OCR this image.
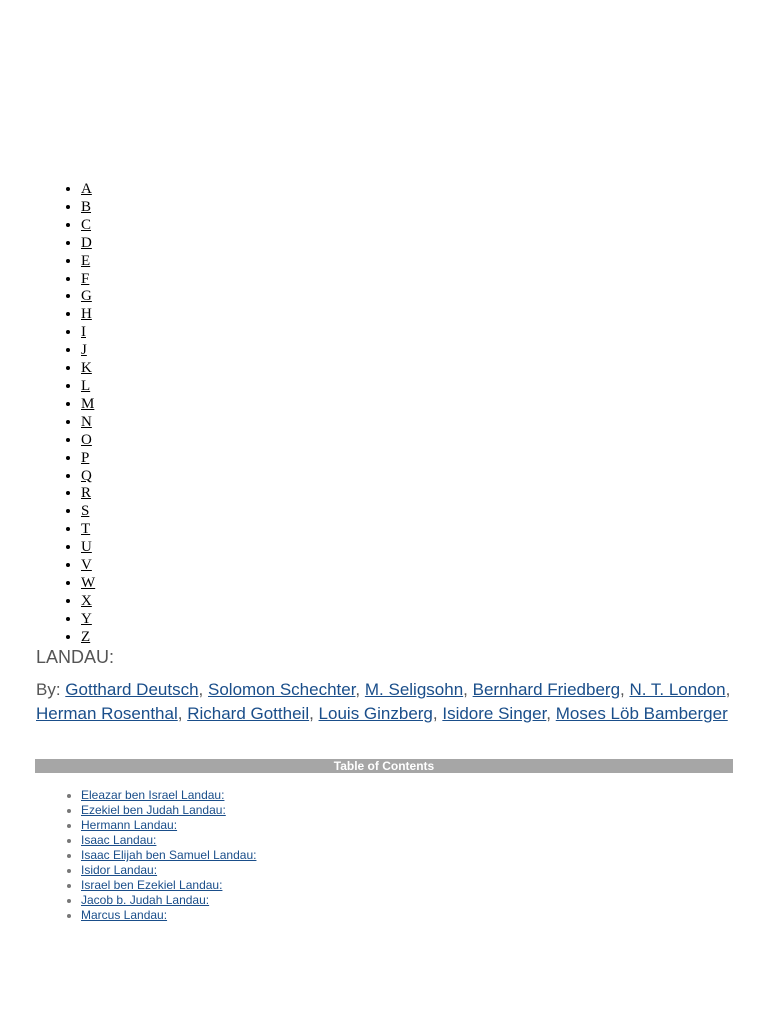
• A
• B
• C
• D
• E
• F
• G
• H
• I
• J
• K
• L
• M
• N
• O
• P
• Q
• R
• S
• T
• U
• V
• W
• X
• Y
• Z
LANDAU:

By: Gotthard Deutsch, Solomon Schechter, M. Seligsohn, Bernhard Friedberg, N. T. London, Herman Rosenthal, Richard Gottheil, Louis Ginzberg, Isidore Singer, Moses Löb Bamberger

Table of Contents
• Eleazar ben Israel Landau:
• Ezekiel ben Judah Landau:
• Hermann Landau:
• Isaac Landau:
• Isaac Elijah ben Samuel Landau:
• Isidor Landau:
• Israel ben Ezekiel Landau:
• Jacob b. Judah Landau:
• Marcus Landau:
